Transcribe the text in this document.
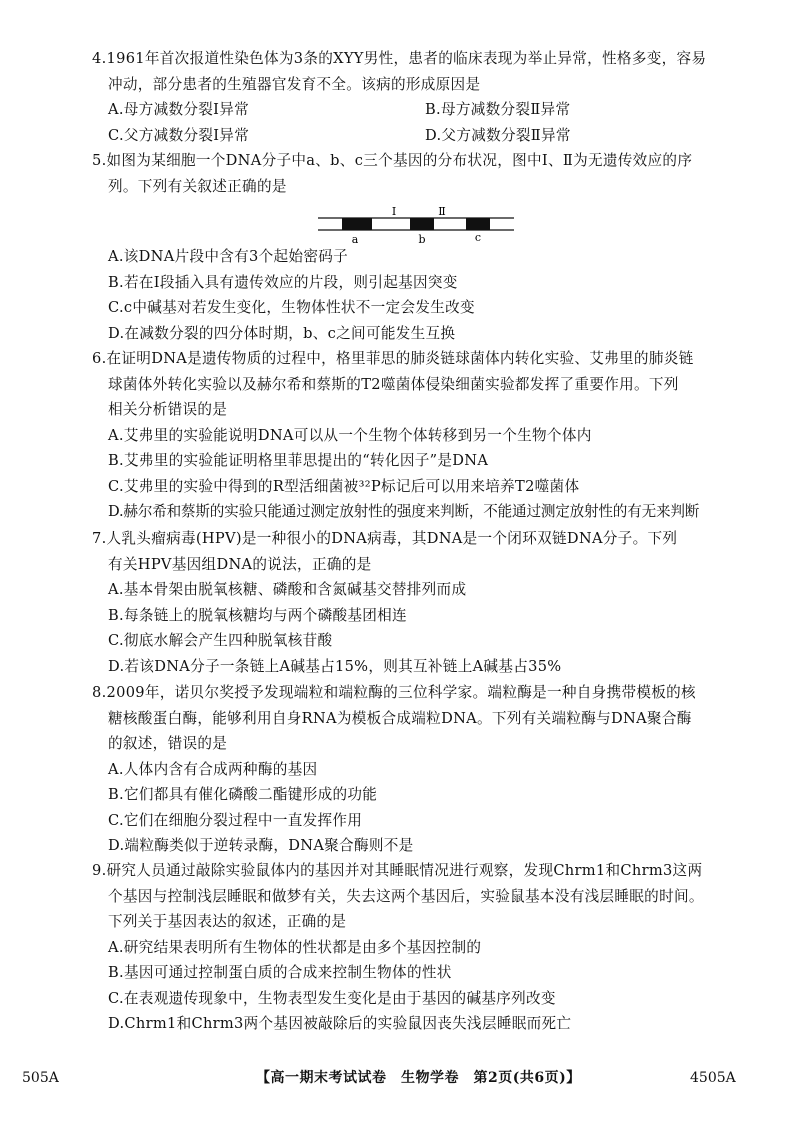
4.1961年首次报道性染色体为3条的XYY男性，患者的临床表现为举止异常，性格多变，容易

冲动，部分患者的生殖器官发育不全。该病的形成原因是

A.母方减数分裂Ⅰ异常	B.母方减数分裂Ⅱ异常

C.父方减数分裂Ⅰ异常	D.父方减数分裂Ⅱ异常

5.如图为某细胞一个DNA分子中a、b、c三个基因的分布状况，图中Ⅰ、Ⅱ为无遗传效应的序

列。下列有关叙述正确的是

Ⅰ	Ⅱ
a	b	c

A.该DNA片段中含有3个起始密码子

B.若在Ⅰ段插入具有遗传效应的片段，则引起基因突变

C.c中碱基对若发生变化，生物体性状不一定会发生改变

D.在减数分裂的四分体时期，b、c之间可能发生互换

6.在证明DNA是遗传物质的过程中，格里菲思的肺炎链球菌体内转化实验、艾弗里的肺炎链

球菌体外转化实验以及赫尔希和蔡斯的T2噬菌体侵染细菌实验都发挥了重要作用。下列

相关分析错误的是

A.艾弗里的实验能说明DNA可以从一个生物个体转移到另一个生物个体内

B.艾弗里的实验能证明格里菲思提出的“转化因子”是DNA

C.艾弗里的实验中得到的R型活细菌被³²P标记后可以用来培养T2噬菌体

D.赫尔希和蔡斯的实验只能通过测定放射性的强度来判断，不能通过测定放射性的有无来判断

7.人乳头瘤病毒(HPV)是一种很小的DNA病毒，其DNA是一个闭环双链DNA分子。下列

有关HPV基因组DNA的说法，正确的是

A.基本骨架由脱氧核糖、磷酸和含氮碱基交替排列而成

B.每条链上的脱氧核糖均与两个磷酸基团相连

C.彻底水解会产生四种脱氧核苷酸

D.若该DNA分子一条链上A碱基占15%，则其互补链上A碱基占35%

8.2009年，诺贝尔奖授予发现端粒和端粒酶的三位科学家。端粒酶是一种自身携带模板的核

糖核酸蛋白酶，能够利用自身RNA为模板合成端粒DNA。下列有关端粒酶与DNA聚合酶

的叙述，错误的是

A.人体内含有合成两种酶的基因

B.它们都具有催化磷酸二酯键形成的功能

C.它们在细胞分裂过程中一直发挥作用

D.端粒酶类似于逆转录酶，DNA聚合酶则不是

9.研究人员通过敲除实验鼠体内的基因并对其睡眠情况进行观察，发现Chrm1和Chrm3这两

个基因与控制浅层睡眠和做梦有关，失去这两个基因后，实验鼠基本没有浅层睡眠的时间。

下列关于基因表达的叙述，正确的是

A.研究结果表明所有生物体的性状都是由多个基因控制的

B.基因可通过控制蛋白质的合成来控制生物体的性状

C.在表观遗传现象中，生物表型发生变化是由于基因的碱基序列改变

D.Chrm1和Chrm3两个基因被敲除后的实验鼠因丧失浅层睡眠而死亡

505A	【高一期末考试试卷　生物学卷　第2页(共6页)】	4505A
